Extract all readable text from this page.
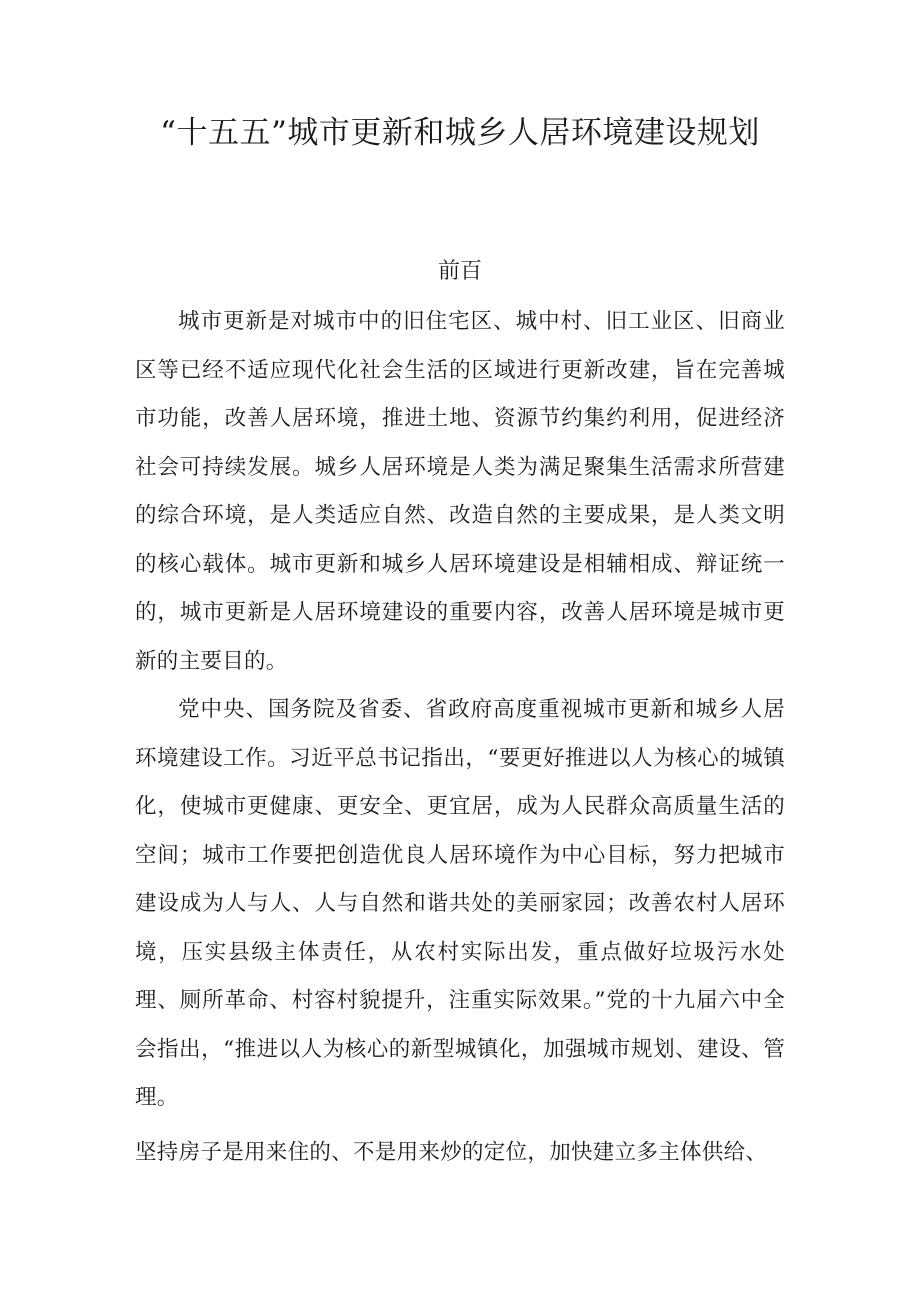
“十五五”城市更新和城乡人居环境建设规划
前百

城市更新是对城市中的旧住宅区、城中村、旧工业区、旧商业区等已经不适应现代化社会生活的区域进行更新改建，旨在完善城市功能，改善人居环境，推进土地、资源节约集约利用，促进经济社会可持续发展。城乡人居环境是人类为满足聚集生活需求所营建的综合环境，是人类适应自然、改造自然的主要成果，是人类文明的核心载体。城市更新和城乡人居环境建设是相辅相成、辩证统一的，城市更新是人居环境建设的重要内容，改善人居环境是城市更新的主要目的。

党中央、国务院及省委、省政府高度重视城市更新和城乡人居环境建设工作。习近平总书记指出，“要更好推进以人为核心的城镇化，使城市更健康、更安全、更宜居，成为人民群众高质量生活的空间；城市工作要把创造优良人居环境作为中心目标，努力把城市建设成为人与人、人与自然和谐共处的美丽家园；改善农村人居环境，压实县级主体责任，从农村实际出发，重点做好垃圾污水处理、厕所革命、村容村貌提升，注重实际效果。”党的十九届六中全会指出，“推进以人为核心的新型城镇化，加强城市规划、建设、管理。

坚持房子是用来住的、不是用来炒的定位，加快建立多主体供给、
